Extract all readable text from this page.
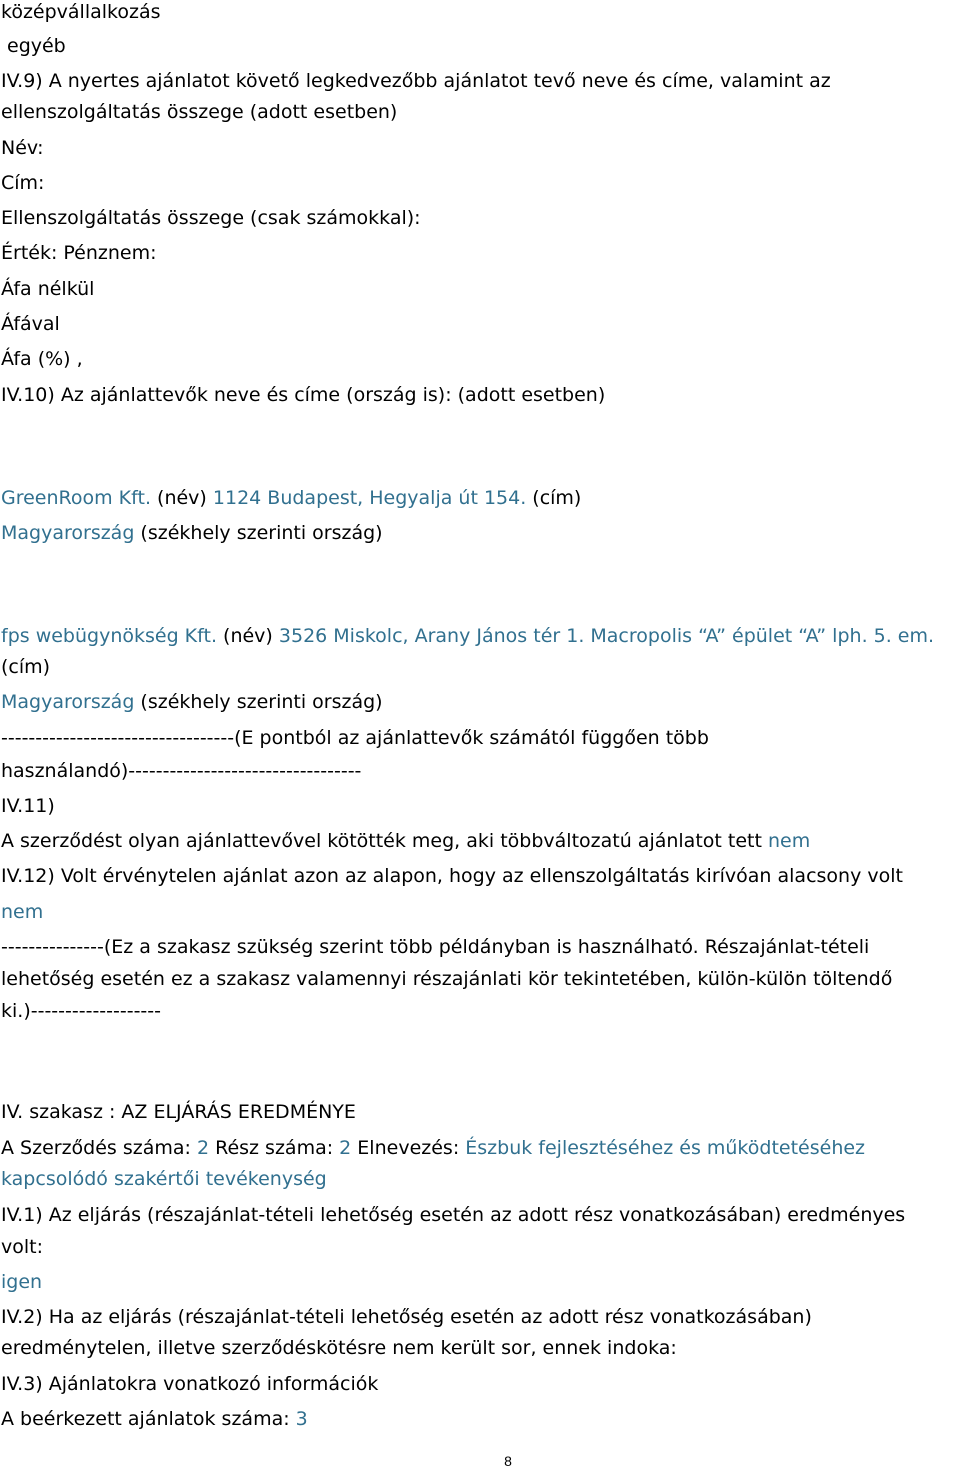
középvállalkozás

egyéb

IV.9) A nyertes ajánlatot követő legkedvezőbb ajánlatot tevő neve és címe, valamint az

ellenszolgáltatás összege (adott esetben)

Név:

Cím:

Ellenszolgáltatás összege (csak számokkal):

Érték: Pénznem:

Áfa nélkül

Áfával

Áfa (%) ,

IV.10) Az ajánlattevők neve és címe (ország is): (adott esetben)

GreenRoom Kft. (név) 1124 Budapest, Hegyalja út 154. (cím)

Magyarország (székhely szerinti ország)

fps webügynökség Kft. (név) 3526 Miskolc, Arany János tér 1. Macropolis “A” épület “A” lph. 5. em.

(cím)

Magyarország (székhely szerinti ország)

----------------------------------(E pontból az ajánlattevők számától függően több

használandó)----------------------------------

IV.11)

A szerződést olyan ajánlattevővel kötötték meg, aki többváltozatú ajánlatot tett nem

IV.12) Volt érvénytelen ajánlat azon az alapon, hogy az ellenszolgáltatás kirívóan alacsony volt

nem

---------------(Ez a szakasz szükség szerint több példányban is használható. Részajánlat-tételi

lehetőség esetén ez a szakasz valamennyi részajánlati kör tekintetében, külön-külön töltendő

ki.)-------------------

IV. szakasz : AZ ELJÁRÁS EREDMÉNYE

A Szerződés száma: 2 Rész száma: 2 Elnevezés: Észbuk fejlesztéséhez és működtetéséhez

kapcsolódó szakértői tevékenység

IV.1) Az eljárás (részajánlat-tételi lehetőség esetén az adott rész vonatkozásában) eredményes

volt:

igen

IV.2) Ha az eljárás (részajánlat-tételi lehetőség esetén az adott rész vonatkozásában)

eredménytelen, illetve szerződéskötésre nem került sor, ennek indoka:

IV.3) Ajánlatokra vonatkozó információk

A beérkezett ajánlatok száma: 3

8
